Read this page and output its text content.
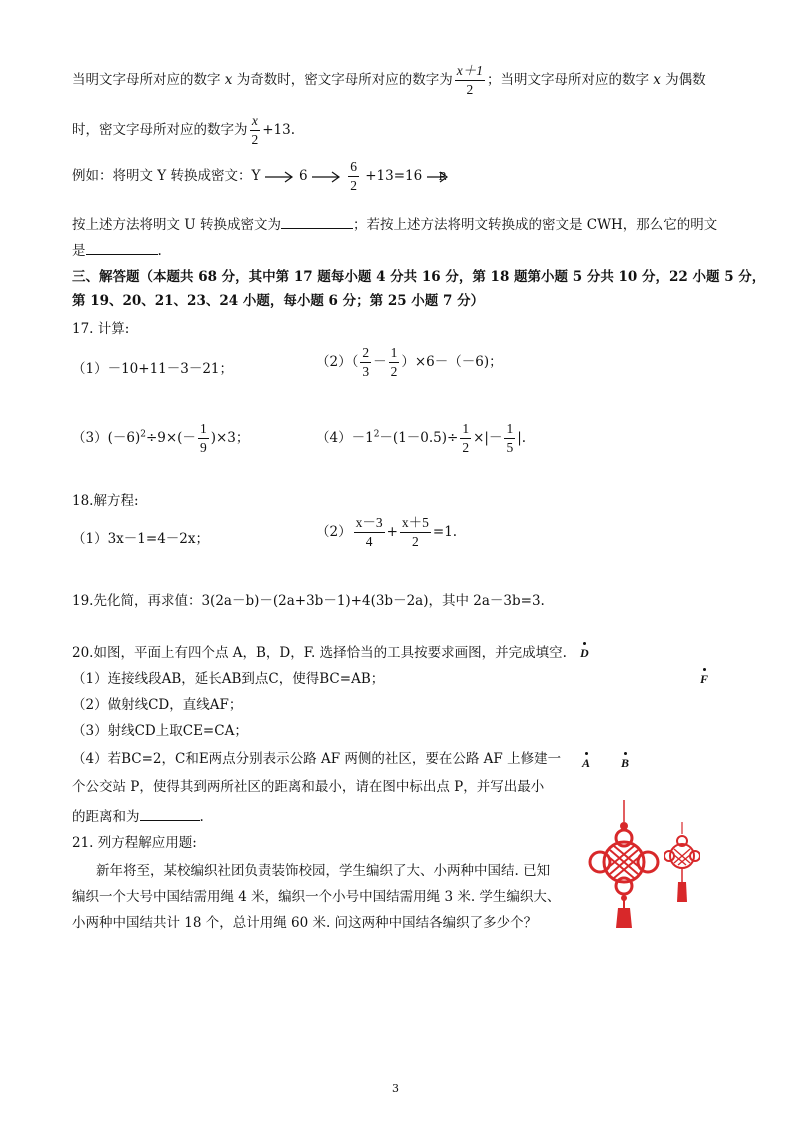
当明文字母所对应的数字 x 为奇数时，密文字母所对应的数字为 $\frac{x+1}{2}$ ；当明文字母所对应的数字 x 为偶数
时，密文字母所对应的数字为 $\frac{x}{2} +13$.
例如：将明文 Y 转换成密文：Y	6	$\frac{6}{2} +13=16$ P.
按上述方法将明文 U 转换成密文为	；若按上述方法将明文转换成的密文是 CWH，那么它的明文
是	.
三、解答题（本题共 68 分，其中第 17 题每小题 4 分共 16 分，第 18 题第小题 5 分共 10 分，22 小题 5 分，
第 19、20、21、23、24 小题，每小题 6 分；第 25 小题 7 分）
17. 计算:
（1）－10+11－3－21；	$(2)( \frac{2}{3} - \frac{1}{2} )\times 6-(-6)$；
$(3)(-6)^2\div 9\times(- \frac{1}{9} )\times 3$；	$(4)-1^2-(1-0.5)\div \frac{1}{2}$ ×|－ $\frac{1}{5}$ |.
18.解方程:
（1）3x－1=4－2x；	$(2) \frac{x-3}{4} + \frac{x+5}{2} =1$.
19.先化简，再求值：3(2a－b)－(2a+3b－1)+4(3b－2a)，其中 2a－3b=3.
20.如图，平面上有四个点 A，B，D，F. 选择恰当的工具按要求画图，并完成填空.
（1）连接线段AB，延长AB到点C，使得BC=AB；
（2）做射线CD，直线AF；
（3）射线CD上取CE=CA；
（4）若BC=2，C和E两点分别表示公路 AF 两侧的社区，要在公路 AF 上修建一
个公交站 P，使得其到两所社区的距离和最小，请在图中标出点 P，并写出最小
的距离和为	.
D
F
A	B
21. 列方程解应用题:
新年将至，某校编织社团负责装饰校园，学生编织了大、小两种中国结. 已知
编织一个大号中国结需用绳 4 米，编织一个小号中国结需用绳 3 米. 学生编织大、
小两种中国结共计 18 个，总计用绳 60 米. 问这两种中国结各编织了多少个？
3
